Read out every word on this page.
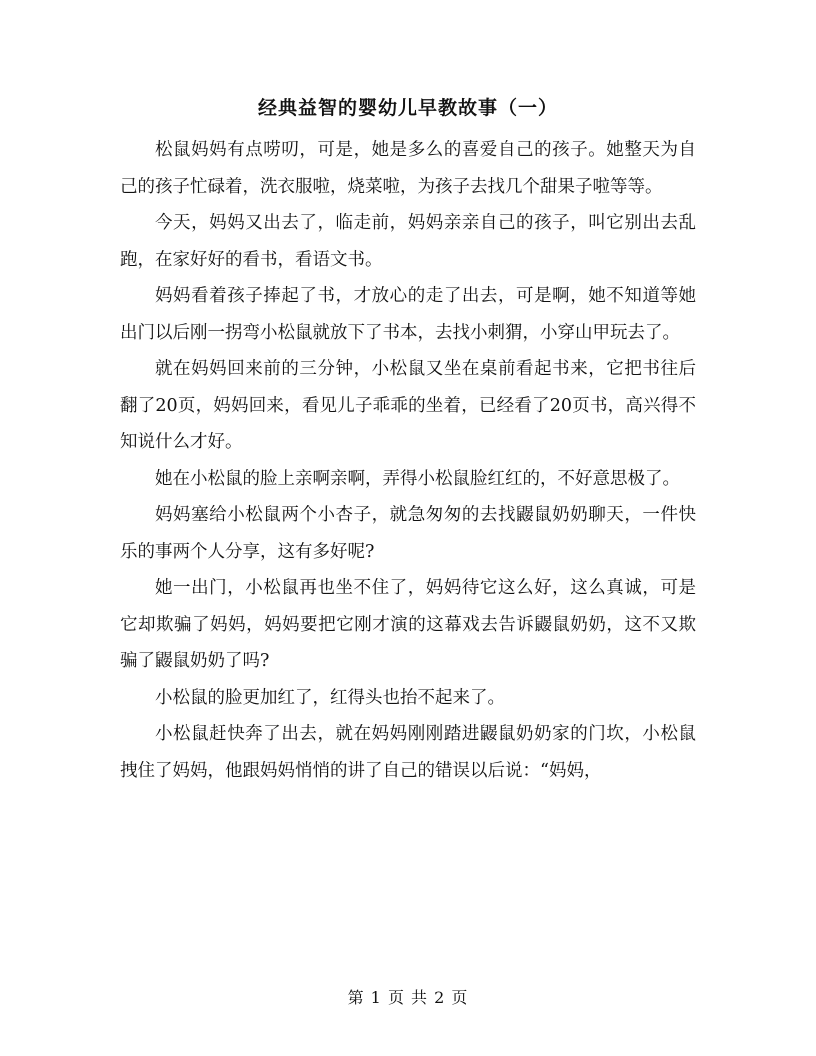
经典益智的婴幼儿早教故事（一）

松鼠妈妈有点唠叨，可是，她是多么的喜爱自己的孩子。她整天为自己的孩子忙碌着，洗衣服啦，烧菜啦，为孩子去找几个甜果子啦等等。

今天，妈妈又出去了，临走前，妈妈亲亲自己的孩子，叫它别出去乱跑，在家好好的看书，看语文书。

妈妈看着孩子捧起了书，才放心的走了出去，可是啊，她不知道等她出门以后刚一拐弯小松鼠就放下了书本，去找小刺猬，小穿山甲玩去了。

就在妈妈回来前的三分钟，小松鼠又坐在桌前看起书来，它把书往后翻了20页，妈妈回来，看见儿子乖乖的坐着，已经看了20页书，高兴得不知说什么才好。

她在小松鼠的脸上亲啊亲啊，弄得小松鼠脸红红的，不好意思极了。

妈妈塞给小松鼠两个小杏子，就急匆匆的去找鼹鼠奶奶聊天，一件快乐的事两个人分享，这有多好呢?

她一出门，小松鼠再也坐不住了，妈妈待它这么好，这么真诚，可是它却欺骗了妈妈，妈妈要把它刚才演的这幕戏去告诉鼹鼠奶奶，这不又欺骗了鼹鼠奶奶了吗?

小松鼠的脸更加红了，红得头也抬不起来了。

小松鼠赶快奔了出去，就在妈妈刚刚踏进鼹鼠奶奶家的门坎，小松鼠拽住了妈妈，他跟妈妈悄悄的讲了自己的错误以后说：“妈妈，

第 1 页 共 2 页
